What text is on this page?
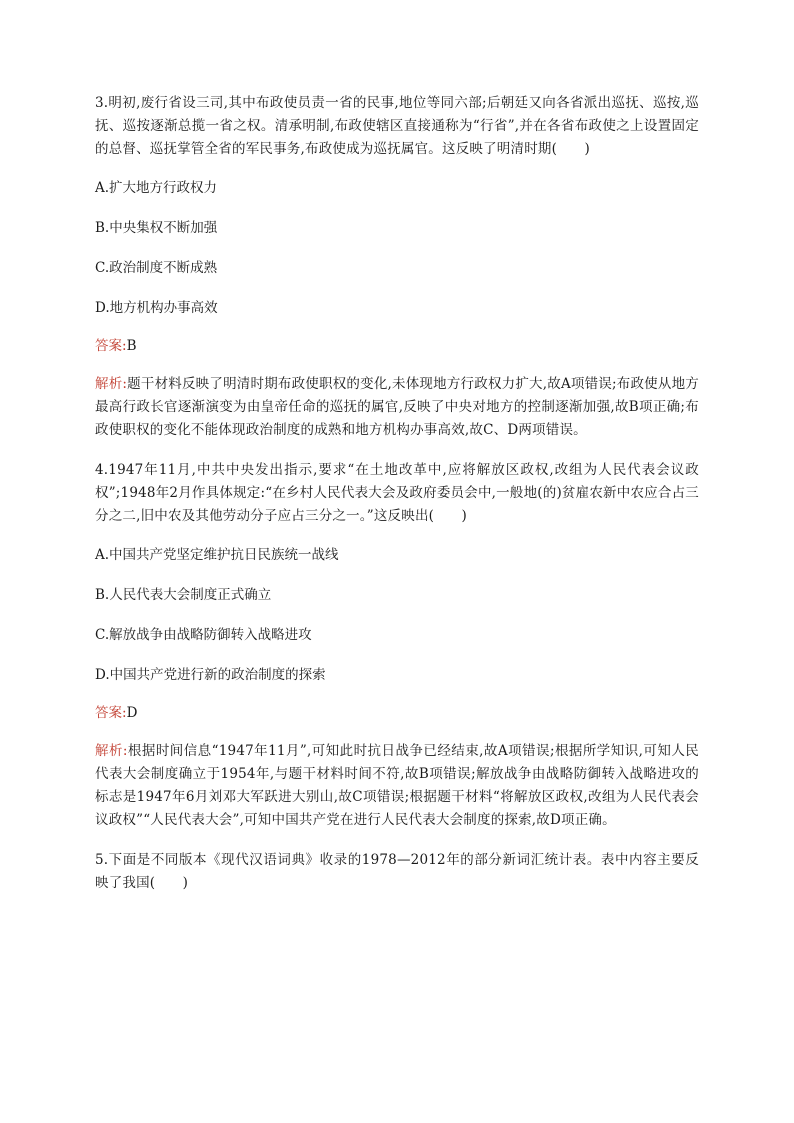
3.明初,废行省设三司,其中布政使员责一省的民事,地位等同六部;后朝廷又向各省派出巡抚、巡按,巡抚、巡按逐渐总揽一省之权。清承明制,布政使辖区直接通称为“行省”,并在各省布政使之上设置固定的总督、巡抚掌管全省的军民事务,布政使成为巡抚属官。这反映了明清时期(　　)

A.扩大地方行政权力

B.中央集权不断加强

C.政治制度不断成熟

D.地方机构办事高效

答案:B

解析:题干材料反映了明清时期布政使职权的变化,未体现地方行政权力扩大,故A项错误;布政使从地方最高行政长官逐渐演变为由皇帝任命的巡抚的属官,反映了中央对地方的控制逐渐加强,故B项正确;布政使职权的变化不能体现政治制度的成熟和地方机构办事高效,故C、D两项错误。

4.1947年11月,中共中央发出指示,要求“在土地改革中,应将解放区政权,改组为人民代表会议政权”;1948年2月作具体规定:“在乡村人民代表大会及政府委员会中,一般地(的)贫雇农新中农应合占三分之二,旧中农及其他劳动分子应占三分之一。”这反映出(　　)

A.中国共产党坚定维护抗日民族统一战线

B.人民代表大会制度正式确立

C.解放战争由战略防御转入战略进攻

D.中国共产党进行新的政治制度的探索

答案:D

解析:根据时间信息“1947年11月”,可知此时抗日战争已经结束,故A项错误;根据所学知识,可知人民代表大会制度确立于1954年,与题干材料时间不符,故B项错误;解放战争由战略防御转入战略进攻的标志是1947年6月刘邓大军跃进大别山,故C项错误;根据题干材料“将解放区政权,改组为人民代表会议政权”“人民代表大会”,可知中国共产党在进行人民代表大会制度的探索,故D项正确。

5.下面是不同版本《现代汉语词典》收录的1978—2012年的部分新词汇统计表。表中内容主要反映了我国(　　)
